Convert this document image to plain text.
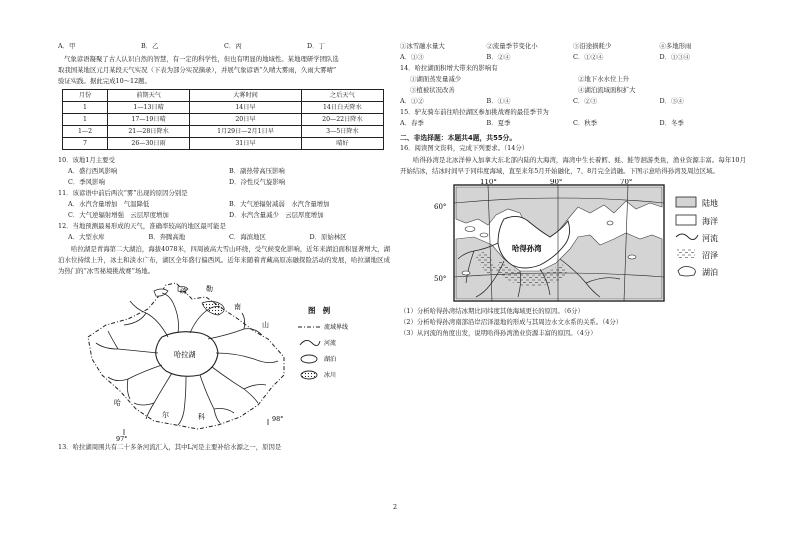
A．甲	B．乙	C．丙	D．丁
气象谚语凝聚了古人认识自然的智慧，有一定的科学性，但也有明显的地域性。某地理研学团队选
取我国某地区元月某段天气实况（下表为部分实况摘录），并展气象谚语“久晴大雾雨，久雨大雾晴”
验证实践。据此完成10～12题。
月份	前期天气	大雾时间	之后天气
1	1—13日晴	14日早	14日白天降水
1	17—19日晴	20日早	20—22日降水
1—2	21—28日降水	1月29日—2月1日早	3—5日降水
7	26—30日雨	31日早	晴好
10．该地1月主要受
A．盛行西风影响	B．副热带高压影响
C．季风影响	D．冷性反气旋影响
11．该谚语中前后两次“雾”出现的原因分别是
A．水汽含量增加　气温降低	B．大气逆辐射减弱　水汽含量增加
C．大气逆辐射增强　云层厚度增加	D．水汽含量减少　云层厚度增加
12．当地预测最易形成的天气，准确率较高的地区最可能是
A．大型水库	B．奔腾高地	C．海滨地区	D．原始林区
哈拉湖是青海第二大湖泊，海拔4078米，四周被高大雪山环绕，受气候变化影响，近年来湖泊面积显著增大，湖泊水位持续上升，冰土和淡水广布，湖区全年盛行偏西风。近年来随着青藏高原冻融探险活动的发展，哈拉湖地区成为热门的“冰雪秘境挑战赛”场地。
疏	勒
南
山
哈拉湖
哈
尔	科
97°
98°
图　例
流域界线
河流
湖泊
冰川
13．哈拉湖周围共有二十多条河流汇入，其中L河是主要补给水源之一，原因是
①冰雪融水量大	②流量季节变化小	③沿途损耗少	④多地形雨
A．①③	B．②④	C．①②④	D．①③④
14．哈拉湖面积增大带来的影响有
①湖面蒸发量减少	②地下水水位上升
③植被状况改善	④湖泊流域面积扩大
A．①②	B．①④	C．②③	D．③④
15．驴友骑车前往哈拉湖区参加挑战赛的最佳季节为
A．春季	B．夏季	C．秋季	D．冬季
二、非选择题：本题共4题，共55分。
16．阅读图文资料，完成下列要求。（14分）
哈得孙湾是北冰洋伸入加拿大东北部内陆的大海湾，海湾中生长着鳕、蚝、鲑等洄游类鱼，渔业资源丰富。每年10月开始结冰，结冰时间早于同纬度海域，直至来年5月开始融化，7、8月完全消融。下图示意哈得孙湾及周边区域。
哈得孙湾
110°	90°	70°
60°
50°
陆地
海洋
河流
沼泽
湖泊
（1）分析哈得孙湾结冰期比同纬度其他海域更长的原因。（6分）
（2）分析哈得孙湾南部沿岸沼泽湿地的形成与其周边水文水系的关系。（4分）
（3）从河流的角度出发，说明哈得孙湾渔业资源丰富的原因。（4分）
2
